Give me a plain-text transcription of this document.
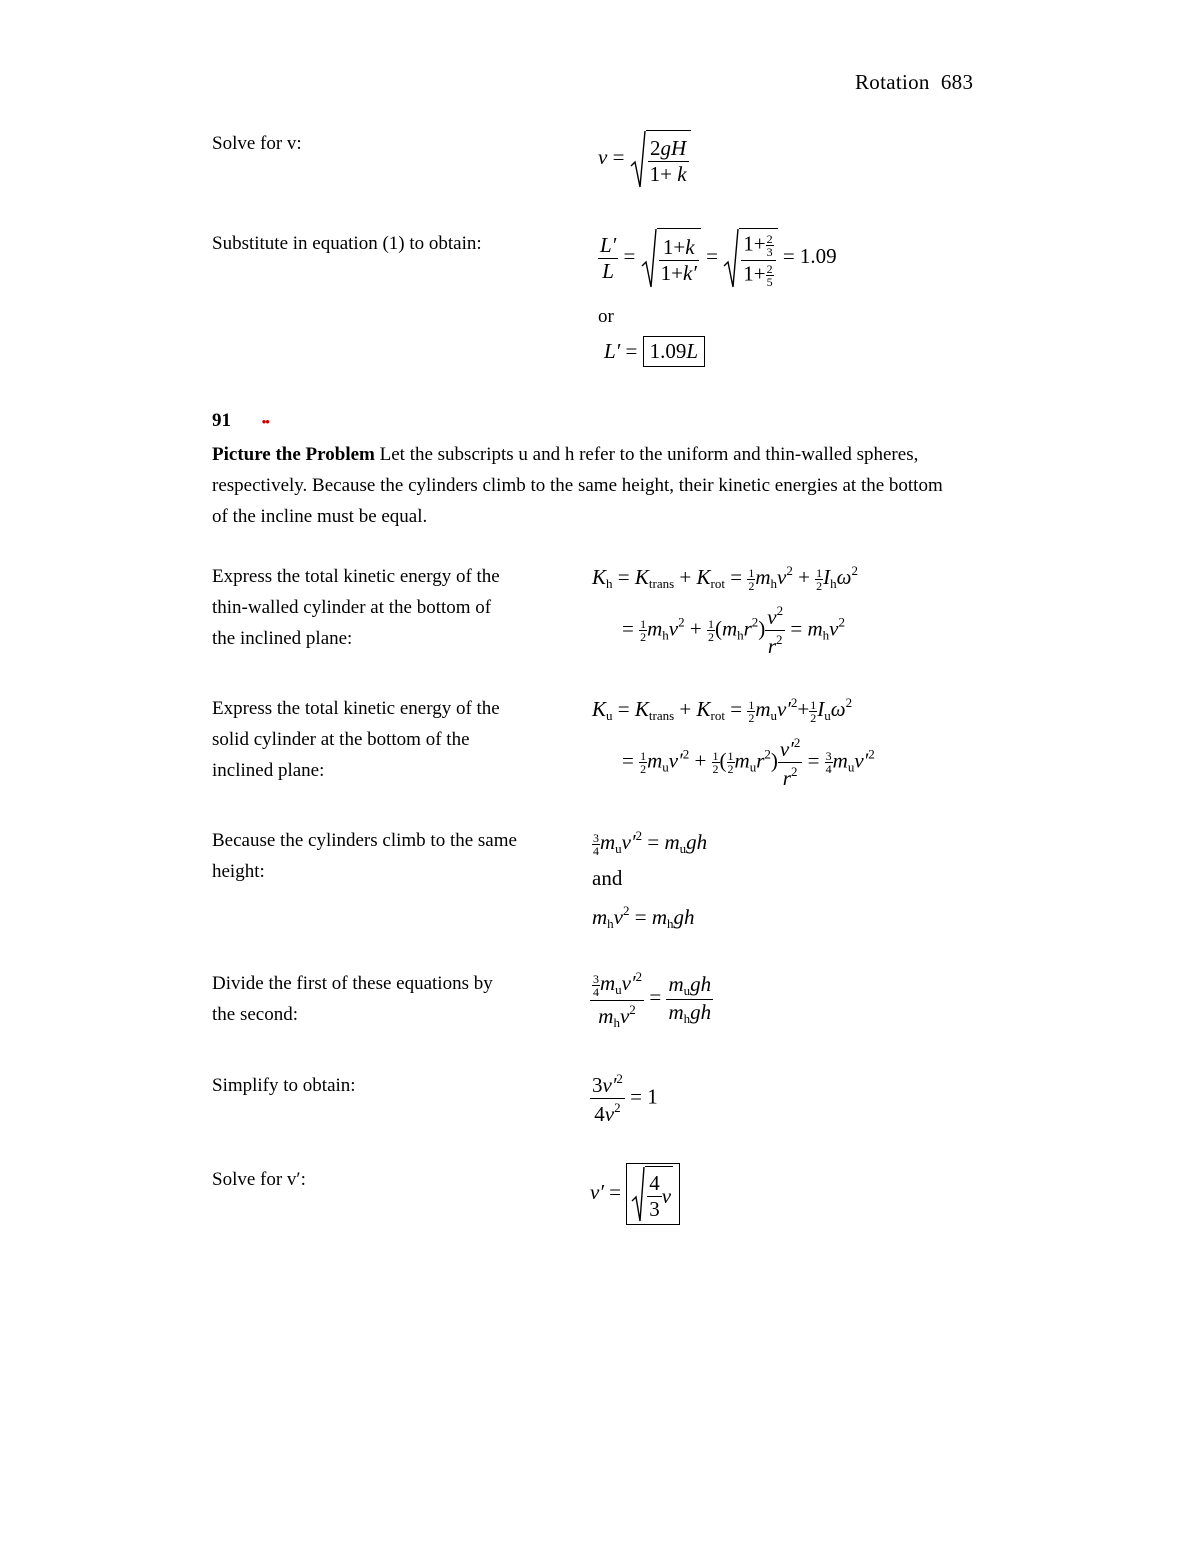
Rotation 683
Solve for v:
$v = \frac{2gH}{1+ k}$
Substitute in equation (1) to obtain:	$\frac{L'}{L} = \frac{1+k}{1+k'} = \frac{1+ \frac{2}{3}}{1+ \frac{2}{5}} = 1.09$
or
L′ = 1.09L
91 ••
Picture the Problem Let the subscripts u and h refer to the uniform and thin-walled spheres, respectively. Because the cylinders climb to the same height, their kinetic energies at the bottom of the incline must be equal.
Express the total kinetic energy of the thin-walled cylinder at the bottom of the inclined plane:
$K_h = K_{trans} + K_{rot} = \frac{1}{2} m_hv^2 + \frac{1}{2} I_h\omega^2$
= $\frac{1}{2} m_hv^2 + \frac{1}{2} (m_hr^2) \frac{v^2}{r^2} = m_hv^2$
Express the total kinetic energy of the solid cylinder at the bottom of the inclined plane:
$K_u = K_{trans} + K_{rot} = \frac{1}{2} m_uv'^2+ \frac{1}{2} I_u\omega^2$
= $\frac{1}{2} m_uv'^2 + \frac{1}{2}$ ( $\frac{1}{2} m_ur^2) \frac{v'^2}{r^2} = \frac{3}{4} m_uv'^2$
Because the cylinders climb to the same height:
$\frac{3}{4} m_uv'^2 = m_ugh$
and
$m_hv^2 = m_hgh$
Divide the first of these equations by the second:	$\frac{\frac{3}{4} m_uv'^2}{m_hv^2} = \frac{m_ugh}{m_hgh}$
Simplify to obtain:	$\frac{3v'^2}{4v^2} = 1$
Solve for v′:
$v' = \frac{4}{3}$ v
